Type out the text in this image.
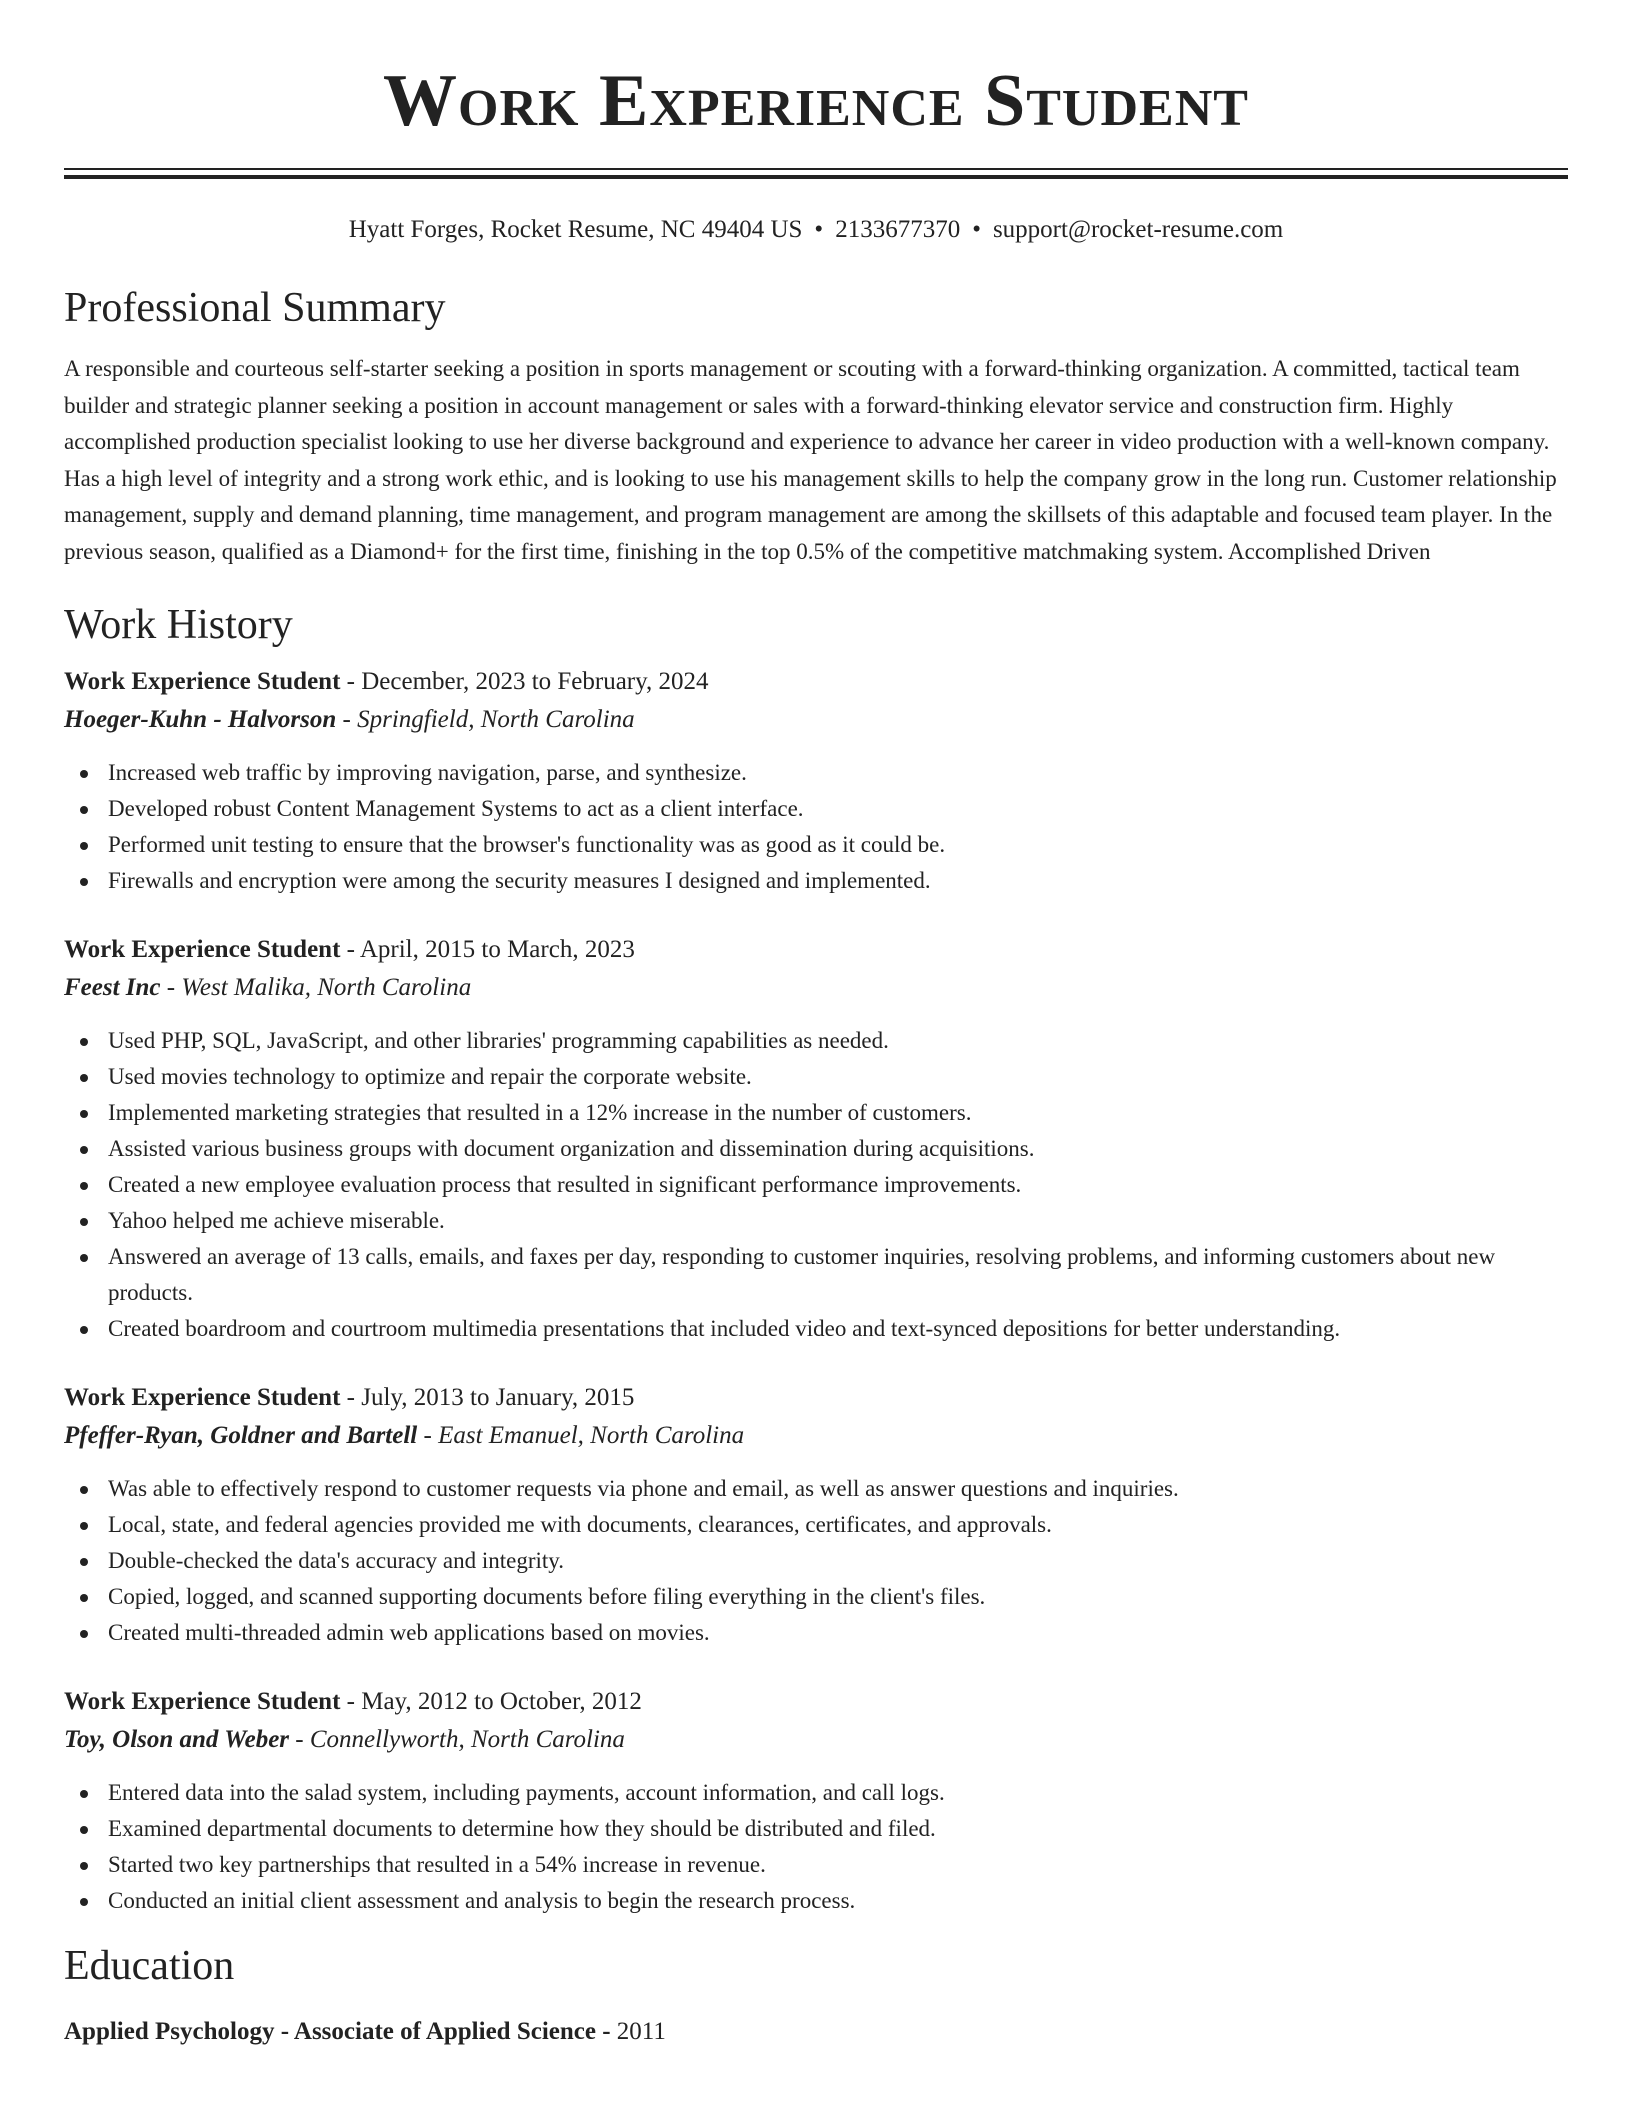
Work Experience Student
Hyatt Forges, Rocket Resume, NC 49404 US • 2133677370 • support@rocket-resume.com
Professional Summary

A responsible and courteous self-starter seeking a position in sports management or scouting with a forward-thinking organization. A committed, tactical team builder and strategic planner seeking a position in account management or sales with a forward-thinking elevator service and construction firm. Highly accomplished production specialist looking to use her diverse background and experience to advance her career in video production with a well-known company. Has a high level of integrity and a strong work ethic, and is looking to use his management skills to help the company grow in the long run. Customer relationship management, supply and demand planning, time management, and program management are among the skillsets of this adaptable and focused team player. In the previous season, qualified as a Diamond+ for the first time, finishing in the top 0.5% of the competitive matchmaking system. Accomplished Driven

Work History
Work Experience Student - December, 2023 to February, 2024
Hoeger-Kuhn - Halvorson - Springfield, North Carolina
Increased web traffic by improving navigation, parse, and synthesize.
Developed robust Content Management Systems to act as a client interface.
Performed unit testing to ensure that the browser's functionality was as good as it could be.
Firewalls and encryption were among the security measures I designed and implemented.
Work Experience Student - April, 2015 to March, 2023
Feest Inc - West Malika, North Carolina
Used PHP, SQL, JavaScript, and other libraries' programming capabilities as needed.
Used movies technology to optimize and repair the corporate website.
Implemented marketing strategies that resulted in a 12% increase in the number of customers.
Assisted various business groups with document organization and dissemination during acquisitions.
Created a new employee evaluation process that resulted in significant performance improvements.
Yahoo helped me achieve miserable.
Answered an average of 13 calls, emails, and faxes per day, responding to customer inquiries, resolving problems, and informing customers about new products.
Created boardroom and courtroom multimedia presentations that included video and text-synced depositions for better understanding.
Work Experience Student - July, 2013 to January, 2015
Pfeffer-Ryan, Goldner and Bartell - East Emanuel, North Carolina
Was able to effectively respond to customer requests via phone and email, as well as answer questions and inquiries.
Local, state, and federal agencies provided me with documents, clearances, certificates, and approvals.
Double-checked the data's accuracy and integrity.
Copied, logged, and scanned supporting documents before filing everything in the client's files.
Created multi-threaded admin web applications based on movies.
Work Experience Student - May, 2012 to October, 2012
Toy, Olson and Weber - Connellyworth, North Carolina
Entered data into the salad system, including payments, account information, and call logs.
Examined departmental documents to determine how they should be distributed and filed.
Started two key partnerships that resulted in a 54% increase in revenue.
Conducted an initial client assessment and analysis to begin the research process.
Education
Applied Psychology - Associate of Applied Science - 2011
